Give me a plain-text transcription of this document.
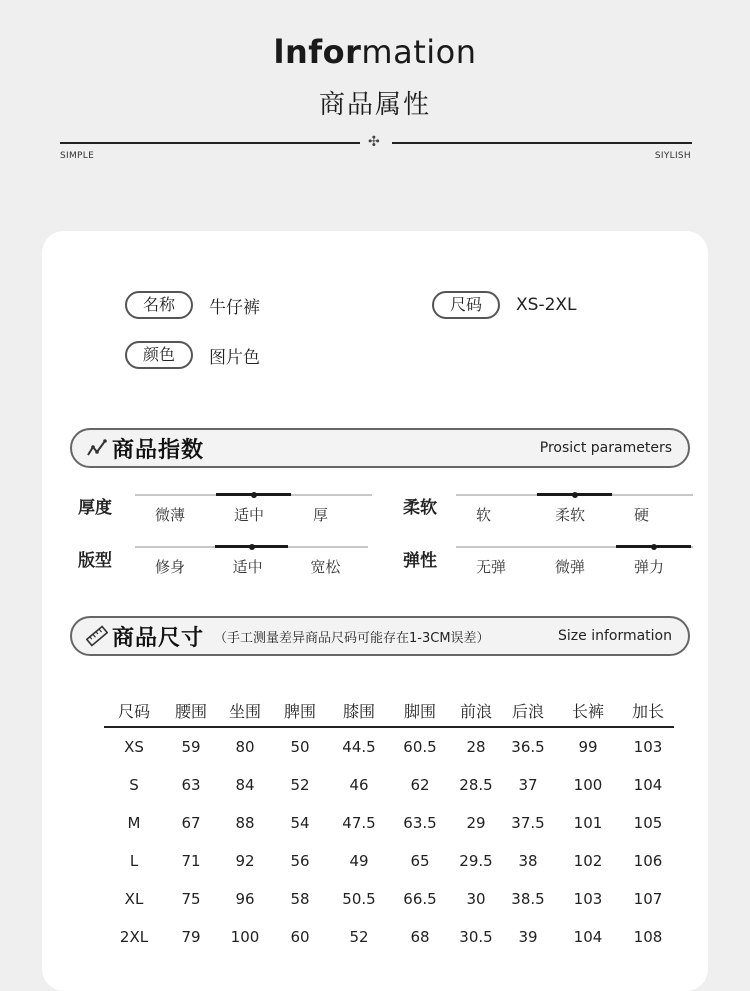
lnformation
商品属性
✣
SIMPLE	SIYLISH
名称	牛仔裤	尺码	XS-2XL
颜色	图片色
商品指数	Prosict parameters
厚度	微薄	适中	厚	柔软	软	柔软	硬
版型	修身	适中	宽松	弹性	无弹	微弹	弹力
商品尺寸 （手工测量差异商品尺码可能存在1-3CM误差）	Size information
尺码	腰围	坐围	脾围	膝围	脚围	前浪	后浪	长裤	加长
XS	59	80	50	44.5	60.5	28	36.5	99	103
S	63	84	52	46	62	28.5	37	100	104
M	67	88	54	47.5	63.5	29	37.5	101	105
L	71	92	56	49	65	29.5	38	102	106
XL	75	96	58	50.5	66.5	30	38.5	103	107
2XL	79	100	60	52	68	30.5	39	104	108
